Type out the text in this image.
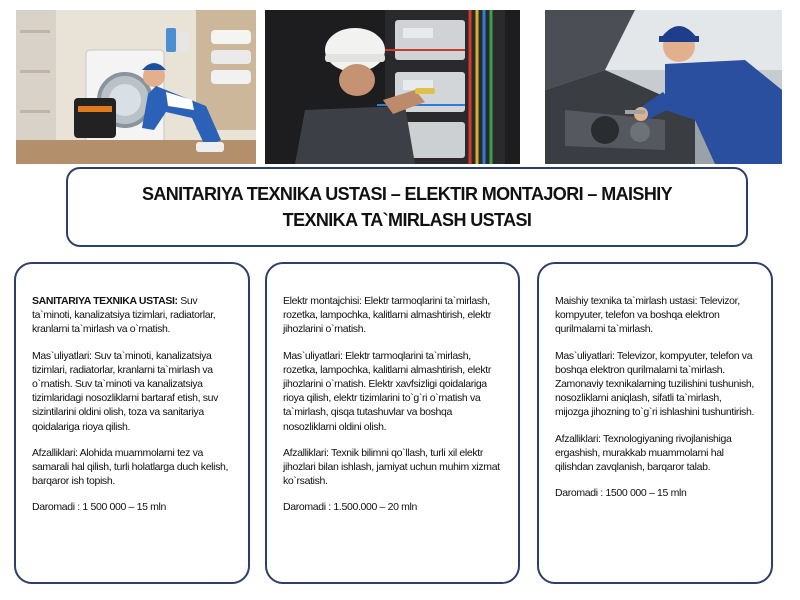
SANITARIYA TEXNIKA USTASI – ELEKTIR MONTAJORI – MAISHIY
TEXNIKA TA`MIRLASH USTASI

SANITARIYA TEXNIKA USTASI: Suv ta`minoti, kanalizatsiya tizimlari, radiatorlar, kranlarni ta`mirlash va o`rnatish.

Mas`uliyatlari: Suv ta`minoti, kanalizatsiya tizimlari, radiatorlar, kranlarni ta`mirlash va o`rnatish. Suv ta`minoti va kanalizatsiya tizimlaridagi nosozliklarni bartaraf etish, suv sizintilarini oldini olish, toza va sanitariya qoidalariga rioya qilish.

Afzalliklari: Alohida muammolarni tez va samarali hal qilish, turli holatlarga duch kelish, barqaror ish topish.

Daromadi : 1 500 000 – 15 mln

Elektr montajchisi: Elektr tarmoqlarini ta`mirlash, rozetka, lampochka, kalitlarni almashtirish, elektr jihozlarini o`rnatish.

Mas`uliyatlari: Elektr tarmoqlarini ta`mirlash, rozetka, lampochka, kalitlarni almashtirish, elektr jihozlarini o`rnatish. Elektr xavfsizligi qoidalariga rioya qilish, elektr tizimlarini to`g`ri o`rnatish va ta`mirlash, qisqa tutashuvlar va boshqa nosozliklarni oldini olish.

Afzalliklari: Texnik bilimni qo`llash, turli xil elektr jihozlari bilan ishlash, jamiyat uchun muhim xizmat ko`rsatish.

Daromadi : 1.500.000 – 20 mln

Maishiy texnika ta`mirlash ustasi: Televizor, kompyuter, telefon va boshqa elektron qurilmalarni ta`mirlash.

Mas`uliyatlari: Televizor, kompyuter, telefon va boshqa elektron qurilmalarni ta`mirlash. Zamonaviy texnikalarning tuzilishini tushunish, nosozliklarni aniqlash, sifatli ta`mirlash, mijozga jihozning to`g`ri ishlashini tushuntirish.

Afzalliklari: Texnologiyaning rivojlanishiga ergashish, murakkab muammolarni hal qilishdan zavqlanish, barqaror talab.

Daromadi : 1500 000 – 15 mln
